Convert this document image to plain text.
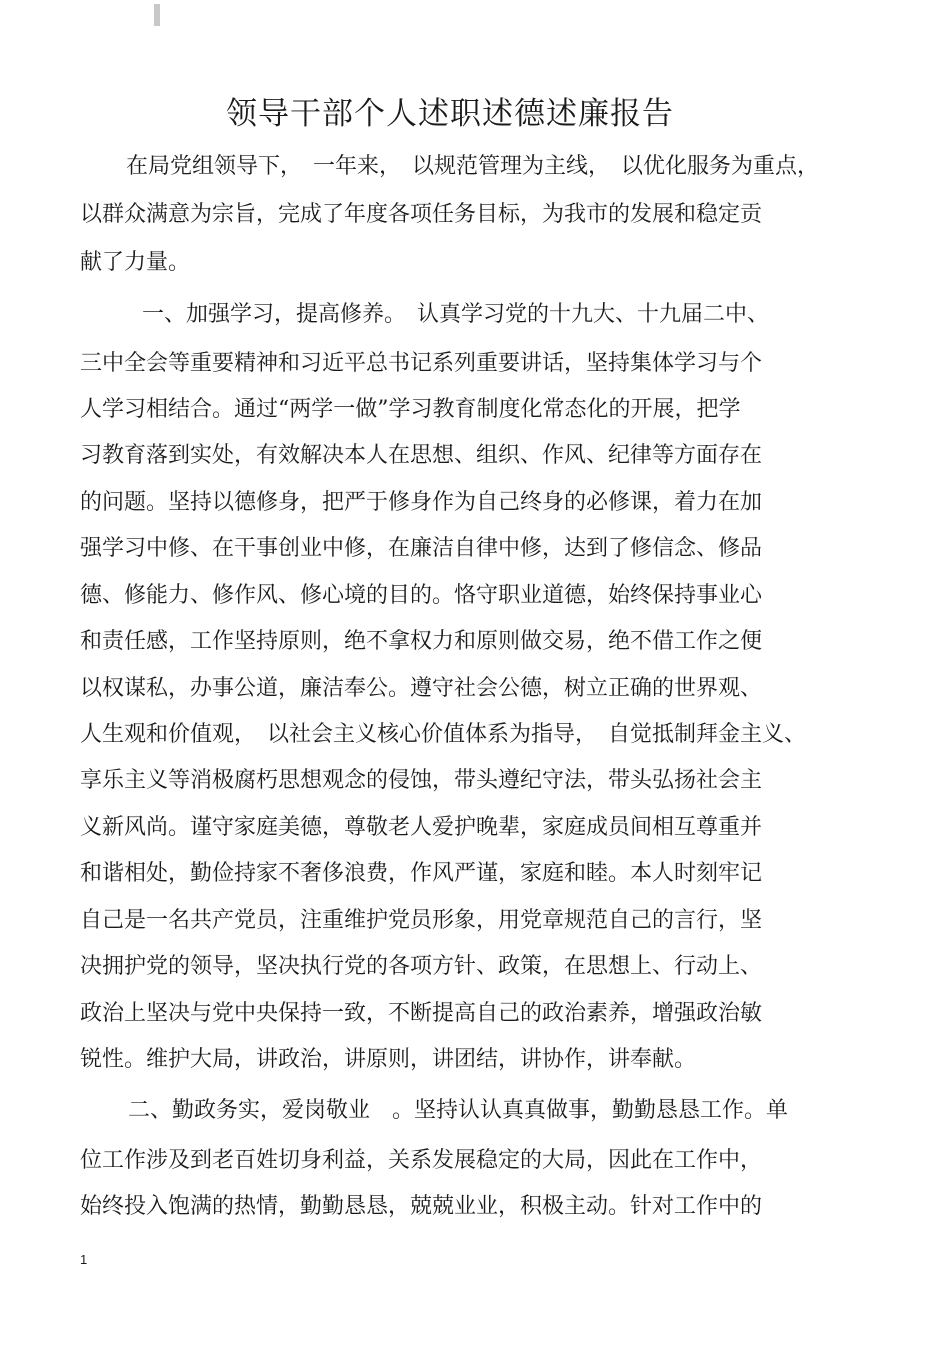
领导干部个人述职述德述廉报告
在局党组领导下，　一年来，　以规范管理为主线，　以优化服务为重点，
以群众满意为宗旨，完成了年度各项任务目标，为我市的发展和稳定贡
献了力量。
一、加强学习，提高修养。　认真学习党的十九大、十九届二中、
三中全会等重要精神和习近平总书记系列重要讲话，坚持集体学习与个
人学习相结合。通过“两学一做”学习教育制度化常态化的开展，把学
习教育落到实处，有效解决本人在思想、组织、作风、纪律等方面存在
的问题。坚持以德修身，把严于修身作为自己终身的必修课，着力在加
强学习中修、在干事创业中修，在廉洁自律中修，达到了修信念、修品
德、修能力、修作风、修心境的目的。恪守职业道德，始终保持事业心
和责任感，工作坚持原则，绝不拿权力和原则做交易，绝不借工作之便
以权谋私，办事公道，廉洁奉公。遵守社会公德，树立正确的世界观、
人生观和价值观，　以社会主义核心价值体系为指导，　自觉抵制拜金主义、
享乐主义等消极腐朽思想观念的侵蚀，带头遵纪守法，带头弘扬社会主
义新风尚。谨守家庭美德，尊敬老人爱护晚辈，家庭成员间相互尊重并
和谐相处，勤俭持家不奢侈浪费，作风严谨，家庭和睦。本人时刻牢记
自己是一名共产党员，注重维护党员形象，用党章规范自己的言行，坚
决拥护党的领导，坚决执行党的各项方针、政策，在思想上、行动上、
政治上坚决与党中央保持一致，不断提高自己的政治素养，增强政治敏
锐性。维护大局，讲政治，讲原则，讲团结，讲协作，讲奉献。
二、勤政务实，爱岗敬业　。坚持认认真真做事，勤勤恳恳工作。单
位工作涉及到老百姓切身利益，关系发展稳定的大局，因此在工作中，
始终投入饱满的热情，勤勤恳恳，兢兢业业，积极主动。针对工作中的
1
